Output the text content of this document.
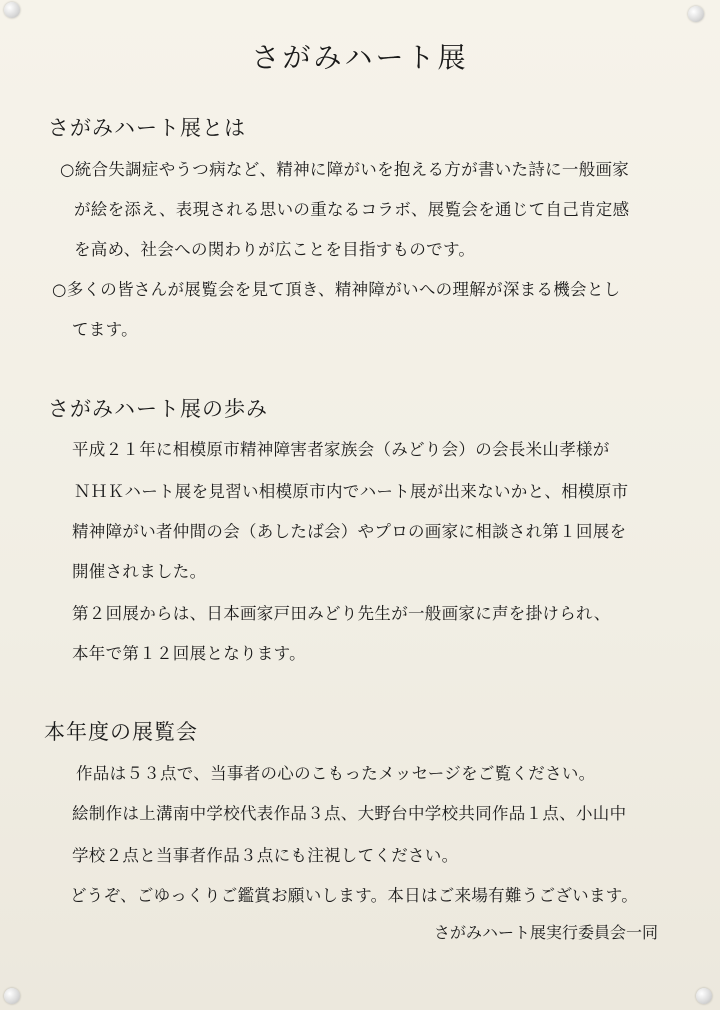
さがみハート展
さがみハート展とは
○統合失調症やうつ病など、精神に障がいを抱える方が書いた詩に一般画家
が絵を添え、表現される思いの重なるコラボ、展覧会を通じて自己肯定感
を高め、社会への関わりが広ことを目指すものです。
○多くの皆さんが展覧会を見て頂き、精神障がいへの理解が深まる機会とし
てます。
さがみハート展の歩み
平成２１年に相模原市精神障害者家族会（みどり会）の会長米山孝様が
ＮＨＫハート展を見習い相模原市内でハート展が出来ないかと、相模原市
精神障がい者仲間の会（あしたば会）やプロの画家に相談され第１回展を
開催されました。
第２回展からは、日本画家戸田みどり先生が一般画家に声を掛けられ、
本年で第１２回展となります。
本年度の展覧会
作品は５３点で、当事者の心のこもったメッセージをご覧ください。
絵制作は上溝南中学校代表作品３点、大野台中学校共同作品１点、小山中
学校２点と当事者作品３点にも注視してください。
どうぞ、ごゆっくりご鑑賞お願いします。本日はご来場有難うございます。
さがみハート展実行委員会一同
